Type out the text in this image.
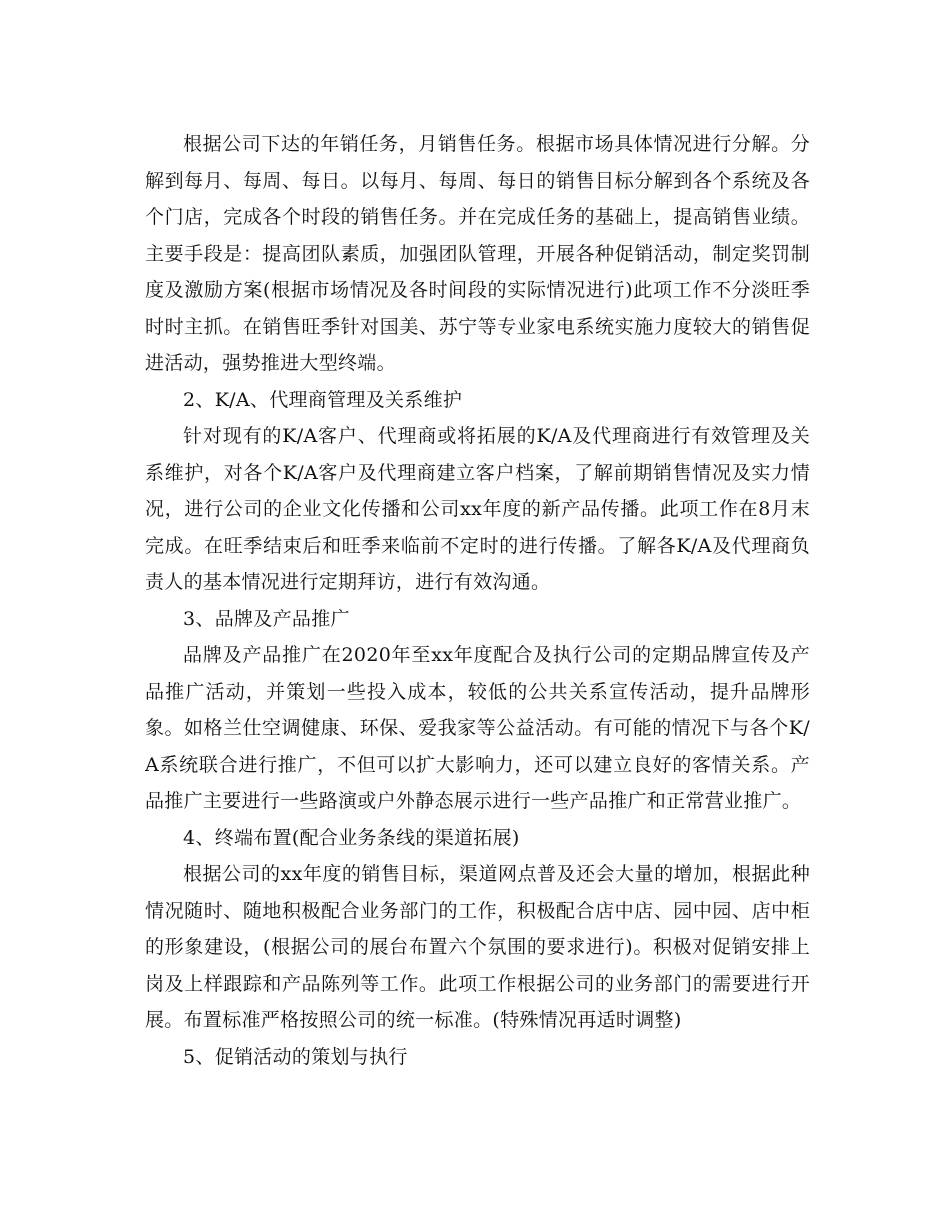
根据公司下达的年销任务，月销售任务。根据市场具体情况进行分解。分解到每月、每周、每日。以每月、每周、每日的销售目标分解到各个系统及各个门店，完成各个时段的销售任务。并在完成任务的基础上，提高销售业绩。主要手段是：提高团队素质，加强团队管理，开展各种促销活动，制定奖罚制度及激励方案(根据市场情况及各时间段的实际情况进行)此项工作不分淡旺季时时主抓。在销售旺季针对国美、苏宁等专业家电系统实施力度较大的销售促进活动，强势推进大型终端。

2、K/A、代理商管理及关系维护

针对现有的K/A客户、代理商或将拓展的K/A及代理商进行有效管理及关系维护，对各个K/A客户及代理商建立客户档案，了解前期销售情况及实力情况，进行公司的企业文化传播和公司xx年度的新产品传播。此项工作在8月末完成。在旺季结束后和旺季来临前不定时的进行传播。了解各K/A及代理商负责人的基本情况进行定期拜访，进行有效沟通。

3、品牌及产品推广

品牌及产品推广在2020年至xx年度配合及执行公司的定期品牌宣传及产品推广活动，并策划一些投入成本，较低的公共关系宣传活动，提升品牌形象。如格兰仕空调健康、环保、爱我家等公益活动。有可能的情况下与各个K/A系统联合进行推广，不但可以扩大影响力，还可以建立良好的客情关系。产品推广主要进行一些路演或户外静态展示进行一些产品推广和正常营业推广。

4、终端布置(配合业务条线的渠道拓展)

根据公司的xx年度的销售目标，渠道网点普及还会大量的增加，根据此种情况随时、随地积极配合业务部门的工作，积极配合店中店、园中园、店中柜的形象建设，(根据公司的展台布置六个氛围的要求进行)。积极对促销安排上岗及上样跟踪和产品陈列等工作。此项工作根据公司的业务部门的需要进行开展。布置标准严格按照公司的统一标准。(特殊情况再适时调整)

5、促销活动的策划与执行
